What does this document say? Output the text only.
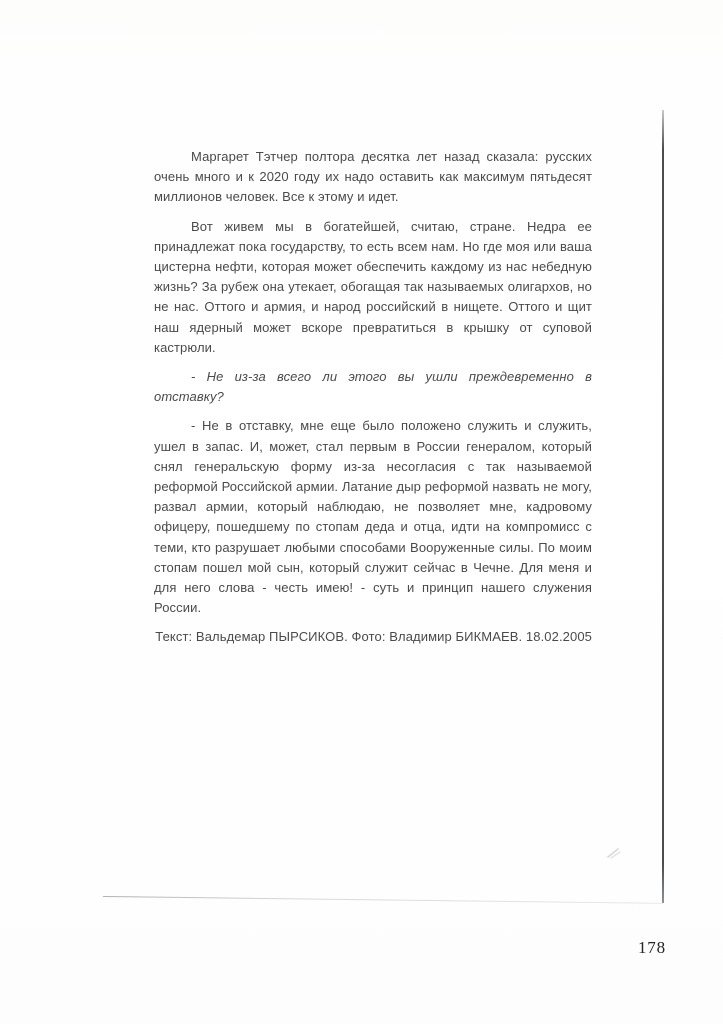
Маргарет Тэтчер полтора десятка лет назад сказала: русских очень много и к 2020 году их надо оставить как максимум пятьдесят миллионов человек. Все к этому и идет.

Вот живем мы в богатейшей, считаю, стране. Недра ее принадлежат пока государству, то есть всем нам. Но где моя или ваша цистерна нефти, которая может обеспечить каждому из нас небедную жизнь? За рубеж она утекает, обогащая так называемых олигархов, но не нас. Оттого и армия, и народ российский в нищете. Оттого и щит наш ядерный может вскоре превратиться в крышку от суповой кастрюли.

- Не из-за всего ли этого вы ушли преждевременно в отставку?

- Не в отставку, мне еще было положено служить и служить, ушел в запас. И, может, стал первым в России генералом, который снял генеральскую форму из-за несогласия с так называемой реформой Российской армии. Латание дыр реформой назвать не могу, развал армии, который наблюдаю, не позволяет мне, кадровому офицеру, пошедшему по стопам деда и отца, идти на компромисс с теми, кто разрушает любыми способами Вооруженные силы. По моим стопам пошел мой сын, который служит сейчас в Чечне. Для меня и для него слова - честь имею! - суть и принцип нашего служения России.

Текст: Вальдемар ПЫРСИКОВ. Фото: Владимир БИКМАЕВ. 18.02.2005

178
